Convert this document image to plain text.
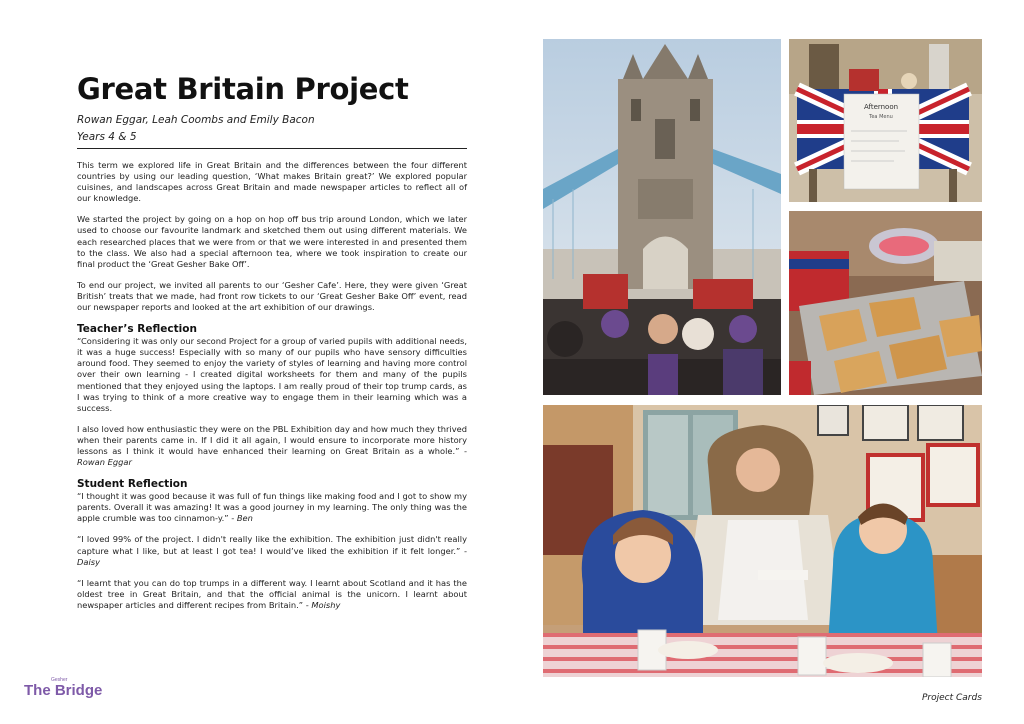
Great Britain Project
Rowan Eggar, Leah Coombs and Emily Bacon
Years 4 & 5

This term we explored life in Great Britain and the differences between the four different countries by using our leading question, ‘What makes Britain great?’ We explored popular cuisines, and landscapes across Great Britain and made newspaper articles to reflect all of our knowledge.

We started the project by going on a hop on hop off bus trip around London, which we later used to choose our favourite landmark and sketched them out using different materials. We each researched places that we were from or that we were interested in and presented them to the class. We also had a special afternoon tea, where we took inspiration to create our final product the ‘Great Gesher Bake Off’.

To end our project, we invited all parents to our ‘Gesher Cafe’. Here, they were given ‘Great British’ treats that we made, had front row tickets to our ‘Great Gesher Bake Off’ event, read our newspaper reports and looked at the art exhibition of our drawings.

Teacher’s Reflection

“Considering it was only our second Project for a group of varied pupils with additional needs, it was a huge success! Especially with so many of our pupils who have sensory difficulties around food. They seemed to enjoy the variety of styles of learning and having more control over their own learning - I created digital worksheets for them and many of the pupils mentioned that they enjoyed using the laptops. I am really proud of their top trump cards, as I was trying to think of a more creative way to engage them in their learning which was a success.

I also loved how enthusiastic they were on the PBL Exhibition day and how much they thrived when their parents came in. If I did it all again, I would ensure to incorporate more history lessons as I think it would have enhanced their learning on Great Britain as a whole.” - Rowan Eggar

Student Reflection

“I thought it was good because it was full of fun things like making food and I got to show my parents. Overall it was amazing! It was a good journey in my learning. The only thing was the apple crumble was too cinnamon-y.” - Ben

“I loved 99% of the project. I didn't really like the exhibition. The exhibition just didn't really capture what I like, but at least I got tea! I would’ve liked the exhibition if it felt longer.” - Daisy

“I learnt that you can do top trumps in a different way. I learnt about Scotland and it has the oldest tree in Great Britain, and that the official animal is the unicorn. I learnt about newspaper articles and different recipes from Britain.” - Moishy

Gesher
The Bridge	Project Cards
Afternoon
Tea Menu
